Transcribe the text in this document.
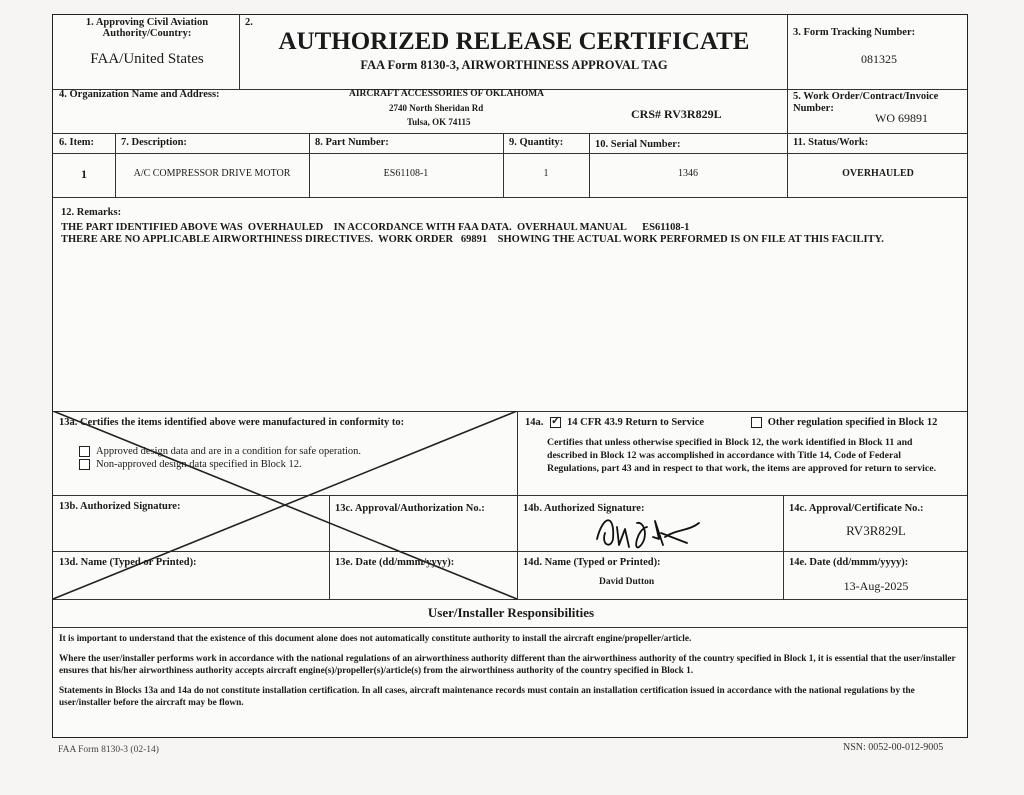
1. Approving Civil Aviation Authority/Country:
FAA/United States
2.
AUTHORIZED RELEASE CERTIFICATE
FAA Form 8130-3, AIRWORTHINESS APPROVAL TAG
3. Form Tracking Number:
081325
4. Organization Name and Address:	AIRCRAFT ACCESSORIES OF OKLAHOMA
2740 North Sheridan Rd
Tulsa, OK 74115
CRS# RV3R829L
5. Work Order/Contract/Invoice Number:
WO 69891
6. Item:	7. Description:	8. Part Number:	9. Quantity:	10. Serial Number:	11. Status/Work:
1	A/C COMPRESSOR DRIVE MOTOR	ES61108-1	1	1346	OVERHAULED
12. Remarks:
THE PART IDENTIFIED ABOVE WAS  OVERHAULED    IN ACCORDANCE WITH FAA DATA.  OVERHAUL MANUAL      ES61108-1
THERE ARE NO APPLICABLE AIRWORTHINESS DIRECTIVES.  WORK ORDER   69891    SHOWING THE ACTUAL WORK PERFORMED IS ON FILE AT THIS FACILITY.
13a. Certifies the items identified above were manufactured in conformity to:
Approved design data and are in a condition for safe operation.
Non-approved design data specified in Block 12.
14a. ✓ 14 CFR 43.9 Return to Service	Other regulation specified in Block 12
Certifies that unless otherwise specified in Block 12, the work identified in Block 11 and described in Block 12 was accomplished in accordance with Title 14, Code of Federal Regulations, part 43 and in respect to that work, the items are approved for return to service.
13b. Authorized Signature:	13c. Approval/Authorization No.:	14b. Authorized Signature:	14c. Approval/Certificate No.:
RV3R829L
13d. Name (Typed or Printed):	13e. Date (dd/mmm/yyyy):	14d. Name (Typed or Printed):
David Dutton
14e. Date (dd/mmm/yyyy):
13-Aug-2025
User/Installer Responsibilities
It is important to understand that the existence of this document alone does not automatically constitute authority to install the aircraft engine/propeller/article.
Where the user/installer performs work in accordance with the national regulations of an airworthiness authority different than the airworthiness authority of the country specified in Block 1, it is essential that the user/installer ensures that his/her airworthiness authority accepts aircraft engine(s)/propeller(s)/article(s) from the airworthiness authority of the country specified in Block 1.
Statements in Blocks 13a and 14a do not constitute installation certification. In all cases, aircraft maintenance records must contain an installation certification issued in accordance with the national regulations by the user/installer before the aircraft may be flown.
FAA Form 8130-3 (02-14)	NSN: 0052-00-012-9005
